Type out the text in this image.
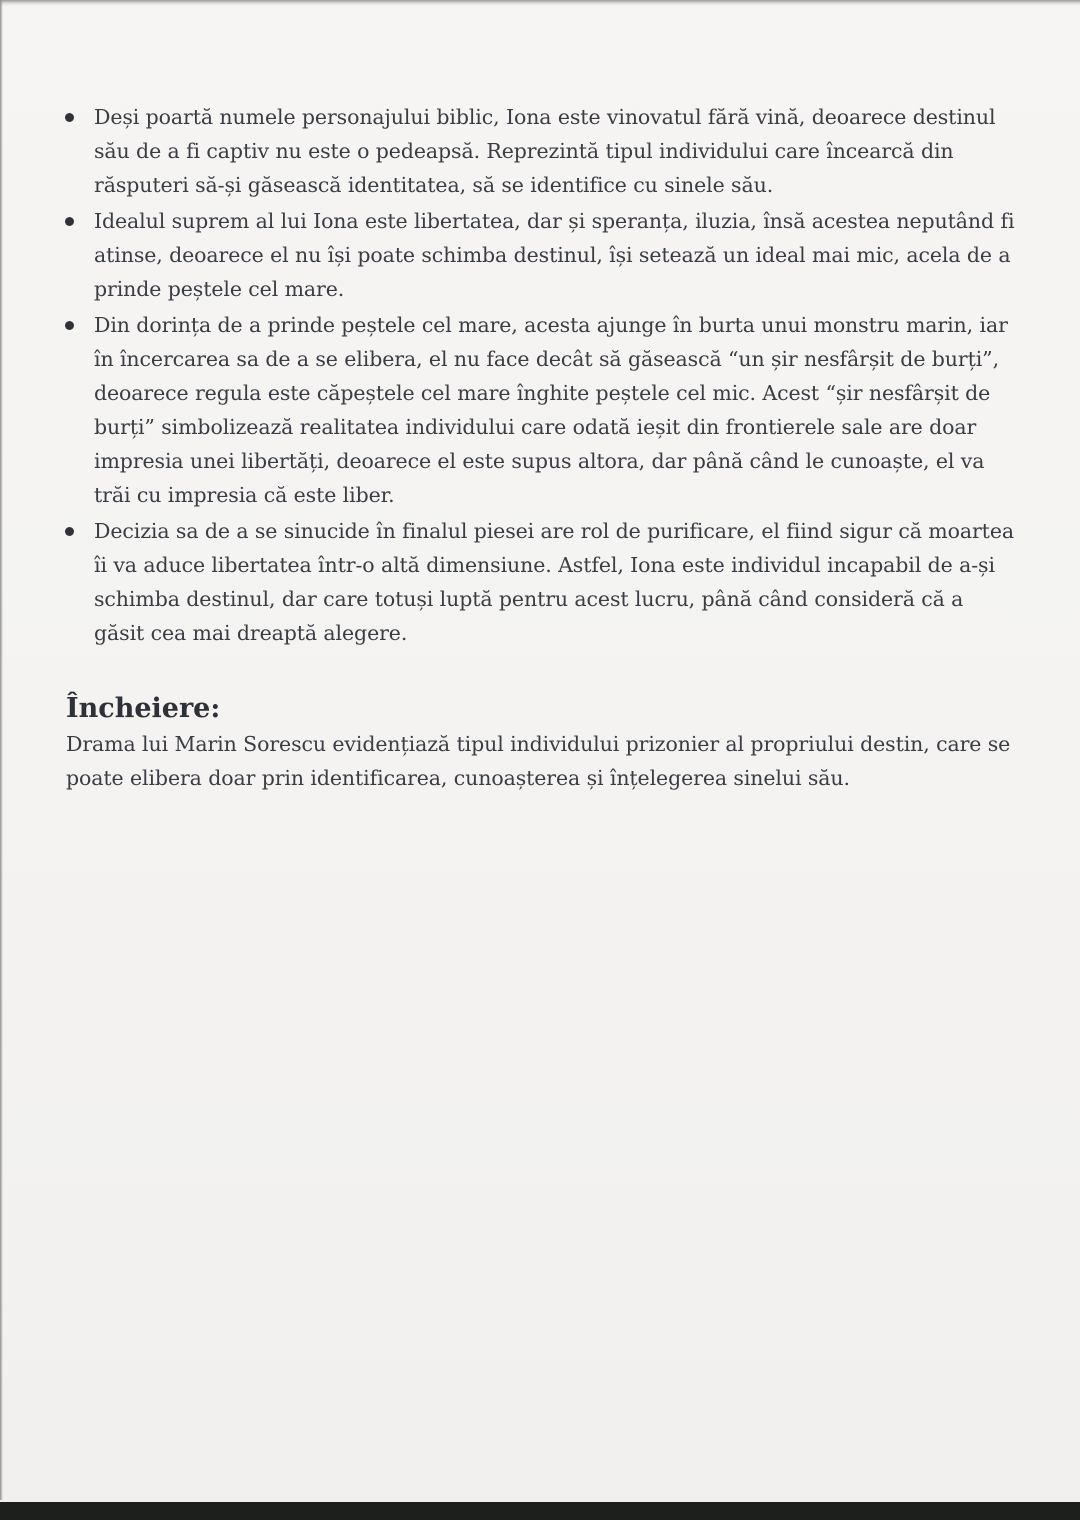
Deși poartă numele personajului biblic, Iona este vinovatul fără vină, deoarece destinul său de a fi captiv nu este o pedeapsă. Reprezintă tipul individului care încearcă din răsputeri să-și găsească identitatea, să se identifice cu sinele său.
Idealul suprem al lui Iona este libertatea, dar și speranța, iluzia, însă acestea neputând fi atinse, deoarece el nu își poate schimba destinul, își setează un ideal mai mic, acela de a prinde peștele cel mare.
Din dorința de a prinde peștele cel mare, acesta ajunge în burta unui monstru marin, iar în încercarea sa de a se elibera, el nu face decât să găsească “un șir nesfârșit de burți”, deoarece regula este căpeștele cel mare înghite peștele cel mic. Acest “șir nesfârșit de burți” simbolizează realitatea individului care odată ieșit din frontierele sale are doar impresia unei libertăți, deoarece el este supus altora, dar până când le cunoaște, el va trăi cu impresia că este liber.
Decizia sa de a se sinucide în finalul piesei are rol de purificare, el fiind sigur că moartea îi va aduce libertatea într-o altă dimensiune. Astfel, Iona este individul incapabil de a-și schimba destinul, dar care totuși luptă pentru acest lucru, până când consideră că a găsit cea mai dreaptă alegere.
Încheiere:

Drama lui Marin Sorescu evidențiază tipul individului prizonier al propriului destin, care se poate elibera doar prin identificarea, cunoașterea și înțelegerea sinelui său.
